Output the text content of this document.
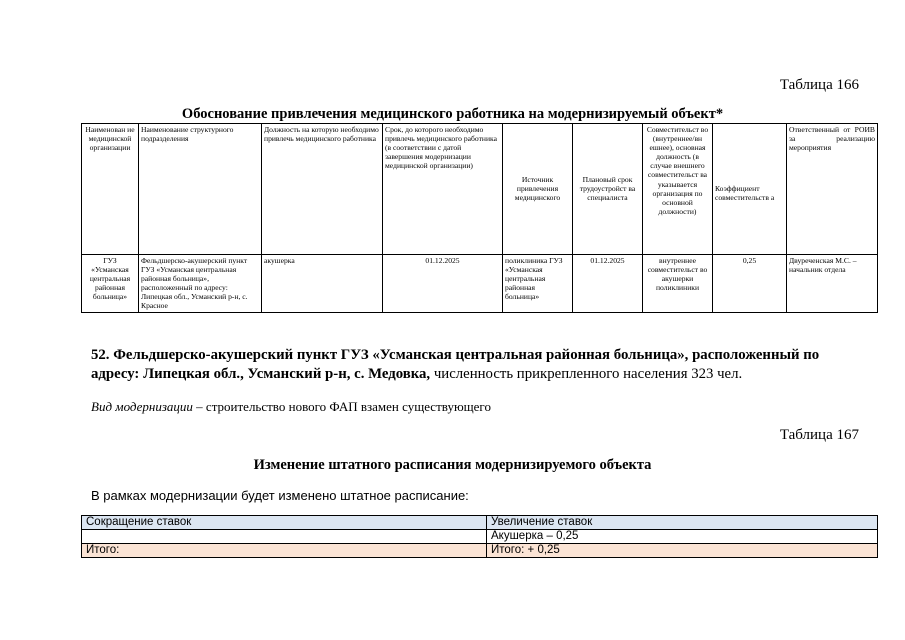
Таблица 166
Обоснование привлечения медицинского работника на модернизируемый объект*
Наименован ие медицинской организации	Наименование структурного подразделения	Должность на которую необходимо привлечь медицинского работника	Срок, до которого необходимо привлечь медицинского работника (в соответствии с датой завершения модернизации медицинской организации)	Источник привлечения медицинского	Плановый срок трудоустройст ва специалиста	Совместительст во (внутреннее/вн ешнее), основная должность (в случае внешнего совместительст ва указывается организация по основной должности)	Коэффициент совместительств а	Ответственный от РОИВ за реализацию мероприятия
ГУЗ «Усманская центральная районная больница»	Фельдшерско-акушерский пункт ГУЗ «Усманская центральная районная больница», расположенный по адресу: Липецкая обл., Усманский р-н, с. Красное	акушерка	01.12.2025	поликлиника ГУЗ «Усманская центральная районная больница»	01.12.2025	внутреннее совместительст во акушерки поликлиники	0,25	Двуреченская М.С. – начальник отдела
52. Фельдшерско-акушерский пункт ГУЗ «Усманская центральная районная больница», расположенный по адресу: Липецкая обл., Усманский р-н, с. Медовка, численность прикрепленного населения 323 чел.
Вид модернизации – строительство нового ФАП взамен существующего
Таблица 167
Изменение штатного расписания модернизируемого объекта
В рамках модернизации будет изменено штатное расписание:
Сокращение ставок	Увеличение ставок
	Акушерка – 0,25
Итого:	Итого: + 0,25
